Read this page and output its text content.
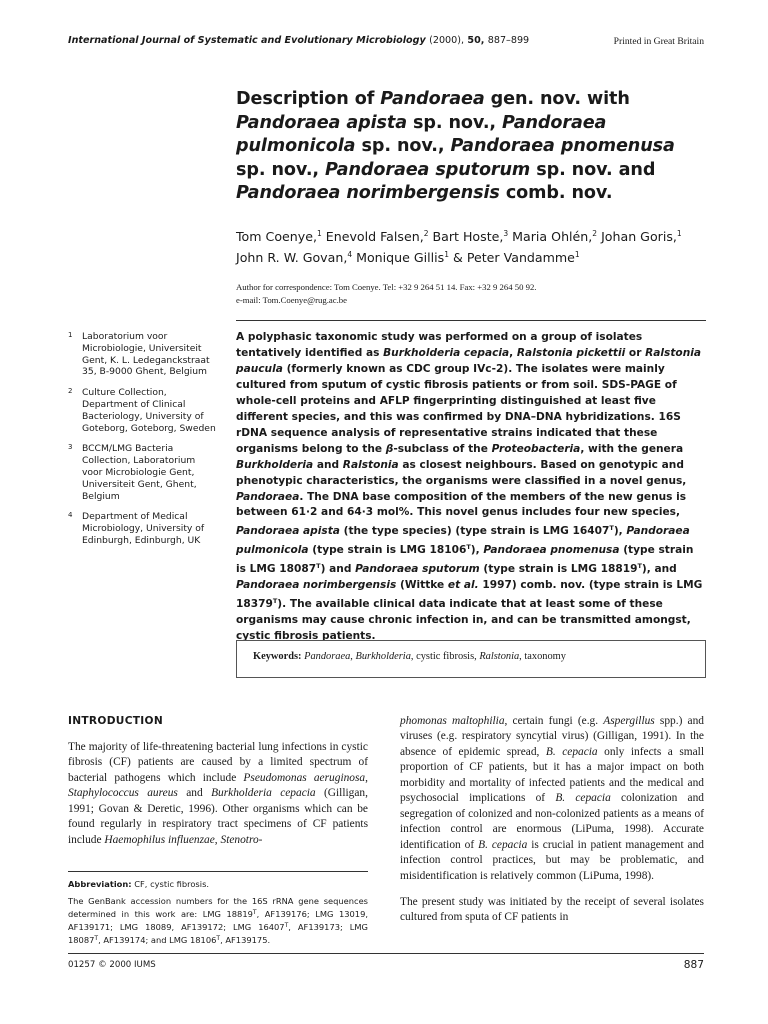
International Journal of Systematic and Evolutionary Microbiology (2000), 50, 887–899	Printed in Great Britain
Description of Pandoraea gen. nov. with
Pandoraea apista sp. nov., Pandoraea
pulmonicola sp. nov., Pandoraea pnomenusa
sp. nov., Pandoraea sputorum sp. nov. and
Pandoraea norimbergensis comb. nov.
Tom Coenye,$^1$ Enevold Falsen,$^2$ Bart Hoste,$^3$ Maria Ohlén,$^2$ Johan Goris,$^1$
John R. W. Govan,$^4$ Monique Gillis$^1$ & Peter Vandamme$^1$
Author for correspondence: Tom Coenye. Tel: +32 9 264 51 14. Fax: +32 9 264 50 92.
e-mail: Tom.Coenye@rug.ac.be
1 Laboratorium voor Microbiologie, Universiteit Gent, K. L. Ledeganckstraat 35, B-9000 Ghent, Belgium
2 Culture Collection, Department of Clinical Bacteriology, University of Goteborg, Goteborg, Sweden
3 BCCM/LMG Bacteria Collection, Laboratorium voor Microbiologie Gent, Universiteit Gent, Ghent, Belgium
4 Department of Medical Microbiology, University of Edinburgh, Edinburgh, UK
A polyphasic taxonomic study was performed on a group of isolates tentatively identified as Burkholderia cepacia, Ralstonia pickettii or Ralstonia paucula (formerly known as CDC group IVc-2). The isolates were mainly cultured from sputum of cystic fibrosis patients or from soil. SDS-PAGE of whole-cell proteins and AFLP fingerprinting distinguished at least five different species, and this was confirmed by DNA–DNA hybridizations. 16S rDNA sequence analysis of representative strains indicated that these organisms belong to the β-subclass of the Proteobacteria, with the genera Burkholderia and Ralstonia as closest neighbours. Based on genotypic and phenotypic characteristics, the organisms were classified in a novel genus, Pandoraea. The DNA base composition of the members of the new genus is between 61·2 and 64·3 mol%. This novel genus includes four new species, Pandoraea apista (the type species) (type strain is LMG $16407^T$), Pandoraea pulmonicola (type strain is LMG $18106^T$), Pandoraea pnomenusa (type strain is LMG $18087^T$) and Pandoraea sputorum (type strain is LMG $18819^T$), and Pandoraea norimbergensis (Wittke et al. 1997) comb. nov. (type strain is LMG $18379^T$). The available clinical data indicate that at least some of these organisms may cause chronic infection in, and can be transmitted amongst, cystic fibrosis patients.
Keywords: Pandoraea, Burkholderia, cystic fibrosis, Ralstonia, taxonomy
INTRODUCTION

The majority of life-threatening bacterial lung infections in cystic fibrosis (CF) patients are caused by a limited spectrum of bacterial pathogens which include Pseudomonas aeruginosa, Staphylococcus aureus and Burkholderia cepacia (Gilligan, 1991; Govan & Deretic, 1996). Other organisms which can be found regularly in respiratory tract specimens of CF patients include Haemophilus influenzae, Stenotro-

Abbreviation: CF, cystic fibrosis.

The GenBank accession numbers for the 16S rRNA gene sequences determined in this work are: LMG $18819^T$, AF139176; LMG 13019, AF139171; LMG 18089, AF139172; LMG $16407^T$, AF139173; LMG $18087^T$, AF139174; and LMG $18106^T$, AF139175.

phomonas maltophilia, certain fungi (e.g. Aspergillus spp.) and viruses (e.g. respiratory syncytial virus) (Gilligan, 1991). In the absence of epidemic spread, B. cepacia only infects a small proportion of CF patients, but it has a major impact on both morbidity and mortality of infected patients and the medical and psychosocial implications of B. cepacia colonization and segregation of colonized and non-colonized patients as a means of infection control are enormous (LiPuma, 1998). Accurate identification of B. cepacia is crucial in patient management and infection control practices, but may be problematic, and misidentification is relatively common (LiPuma, 1998).

The present study was initiated by the receipt of several isolates cultured from sputa of CF patients in

01257 © 2000 IUMS	887
